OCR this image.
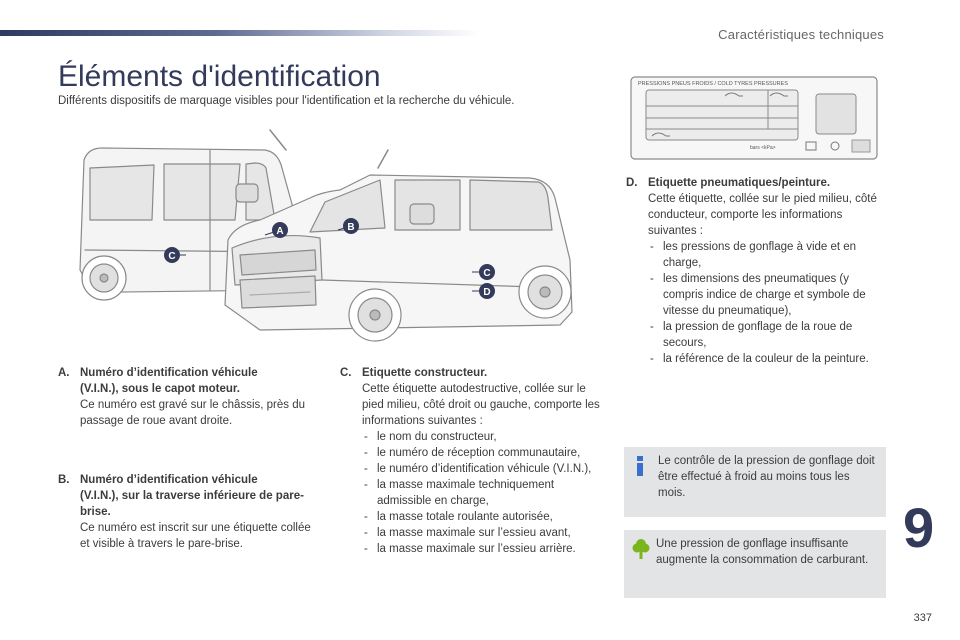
Caractéristiques techniques
Éléments d'identification

Différents dispositifs de marquage visibles pour l'identification et la recherche du véhicule.

C
A	B
C
D
PRESSIONS PNEUS FROIDS / COLD TYRES PRESSURES
bars <kPa>
A. Numéro d’identification véhicule
(V.I.N.), sous le capot moteur.
Ce numéro est gravé sur le châssis, près du passage de roue avant droite.
B. Numéro d’identification véhicule
(V.I.N.), sur la traverse inférieure de pare-brise.
Ce numéro est inscrit sur une étiquette collée et visible à travers le pare-brise.
C. Etiquette constructeur.
Cette étiquette autodestructive, collée sur le pied milieu, côté droit ou gauche, comporte les informations suivantes :
- le nom du constructeur,
- le numéro de réception communautaire,
- le numéro d’identification véhicule (V.I.N.),
- la masse maximale techniquement admissible en charge,
- la masse totale roulante autorisée,
- la masse maximale sur l’essieu avant,
- la masse maximale sur l’essieu arrière.
D. Etiquette pneumatiques/peinture.
Cette étiquette, collée sur le pied milieu, côté conducteur, comporte les informations suivantes :
- les pressions de gonflage à vide et en charge,
- les dimensions des pneumatiques (y compris indice de charge et symbole de vitesse du pneumatique),
- la pression de gonflage de la roue de secours,
- la référence de la couleur de la peinture.
Le contrôle de la pression de gonflage doit être effectué à froid au moins tous les mois.
Une pression de gonflage insuffisante augmente la consommation de carburant.
9
337
